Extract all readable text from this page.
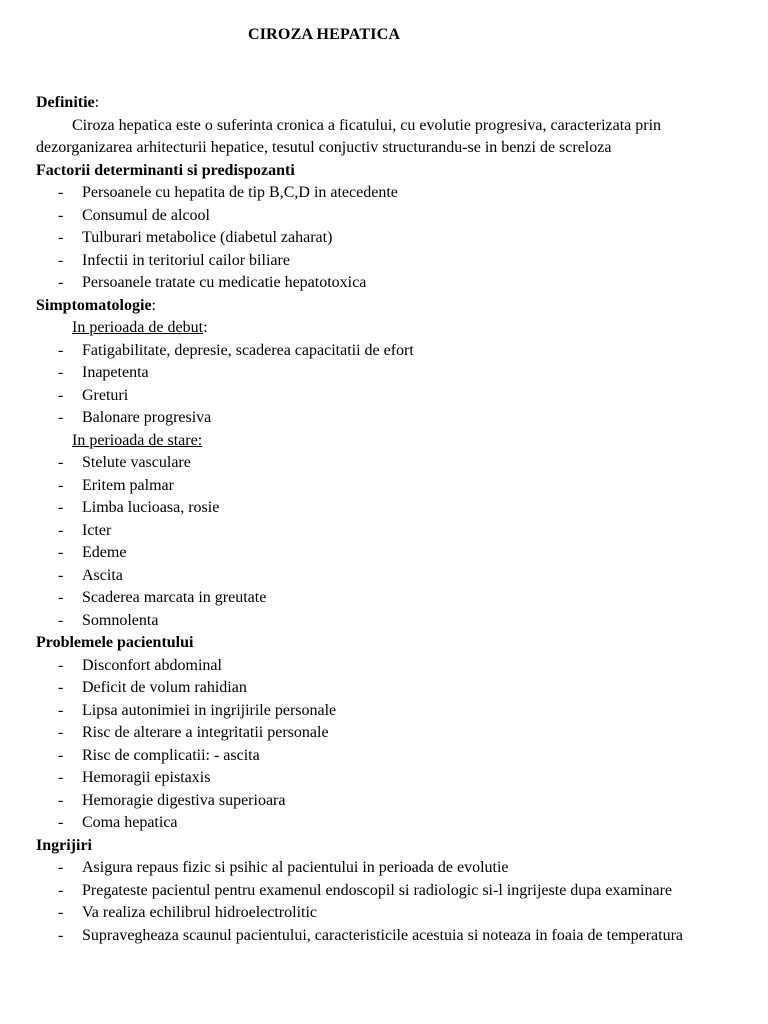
CIROZA HEPATICA
Definitie:
Ciroza hepatica este o suferinta cronica a ficatului, cu evolutie progresiva, caracterizata prin dezorganizarea arhitecturii hepatice, tesutul conjuctiv structurandu-se in benzi de screloza
Factorii determinanti si predispozanti
- Persoanele cu hepatita de tip B,C,D in atecedente
- Consumul de alcool
- Tulburari metabolice (diabetul zaharat)
- Infectii in teritoriul cailor biliare
- Persoanele tratate cu medicatie hepatotoxica
Simptomatologie:
In perioada de debut:
- Fatigabilitate, depresie, scaderea capacitatii de efort
- Inapetenta
- Greturi
- Balonare progresiva
In perioada de stare:
- Stelute vasculare
- Eritem palmar
- Limba lucioasa, rosie
- Icter
- Edeme
- Ascita
- Scaderea marcata in greutate
- Somnolenta
Problemele pacientului
- Disconfort abdominal
- Deficit de volum rahidian
- Lipsa autonimiei in ingrijirile personale
- Risc de alterare a integritatii personale
- Risc de complicatii: - ascita
- Hemoragii epistaxis
- Hemoragie digestiva superioara
- Coma hepatica
Ingrijiri
- Asigura repaus fizic si psihic al pacientului in perioada de evolutie
- Pregateste pacientul pentru examenul endoscopil si radiologic si-l ingrijeste dupa examinare
- Va realiza echilibrul hidroelectrolitic
- Supravegheaza scaunul pacientului, caracteristicile acestuia si noteaza in foaia de temperatura
